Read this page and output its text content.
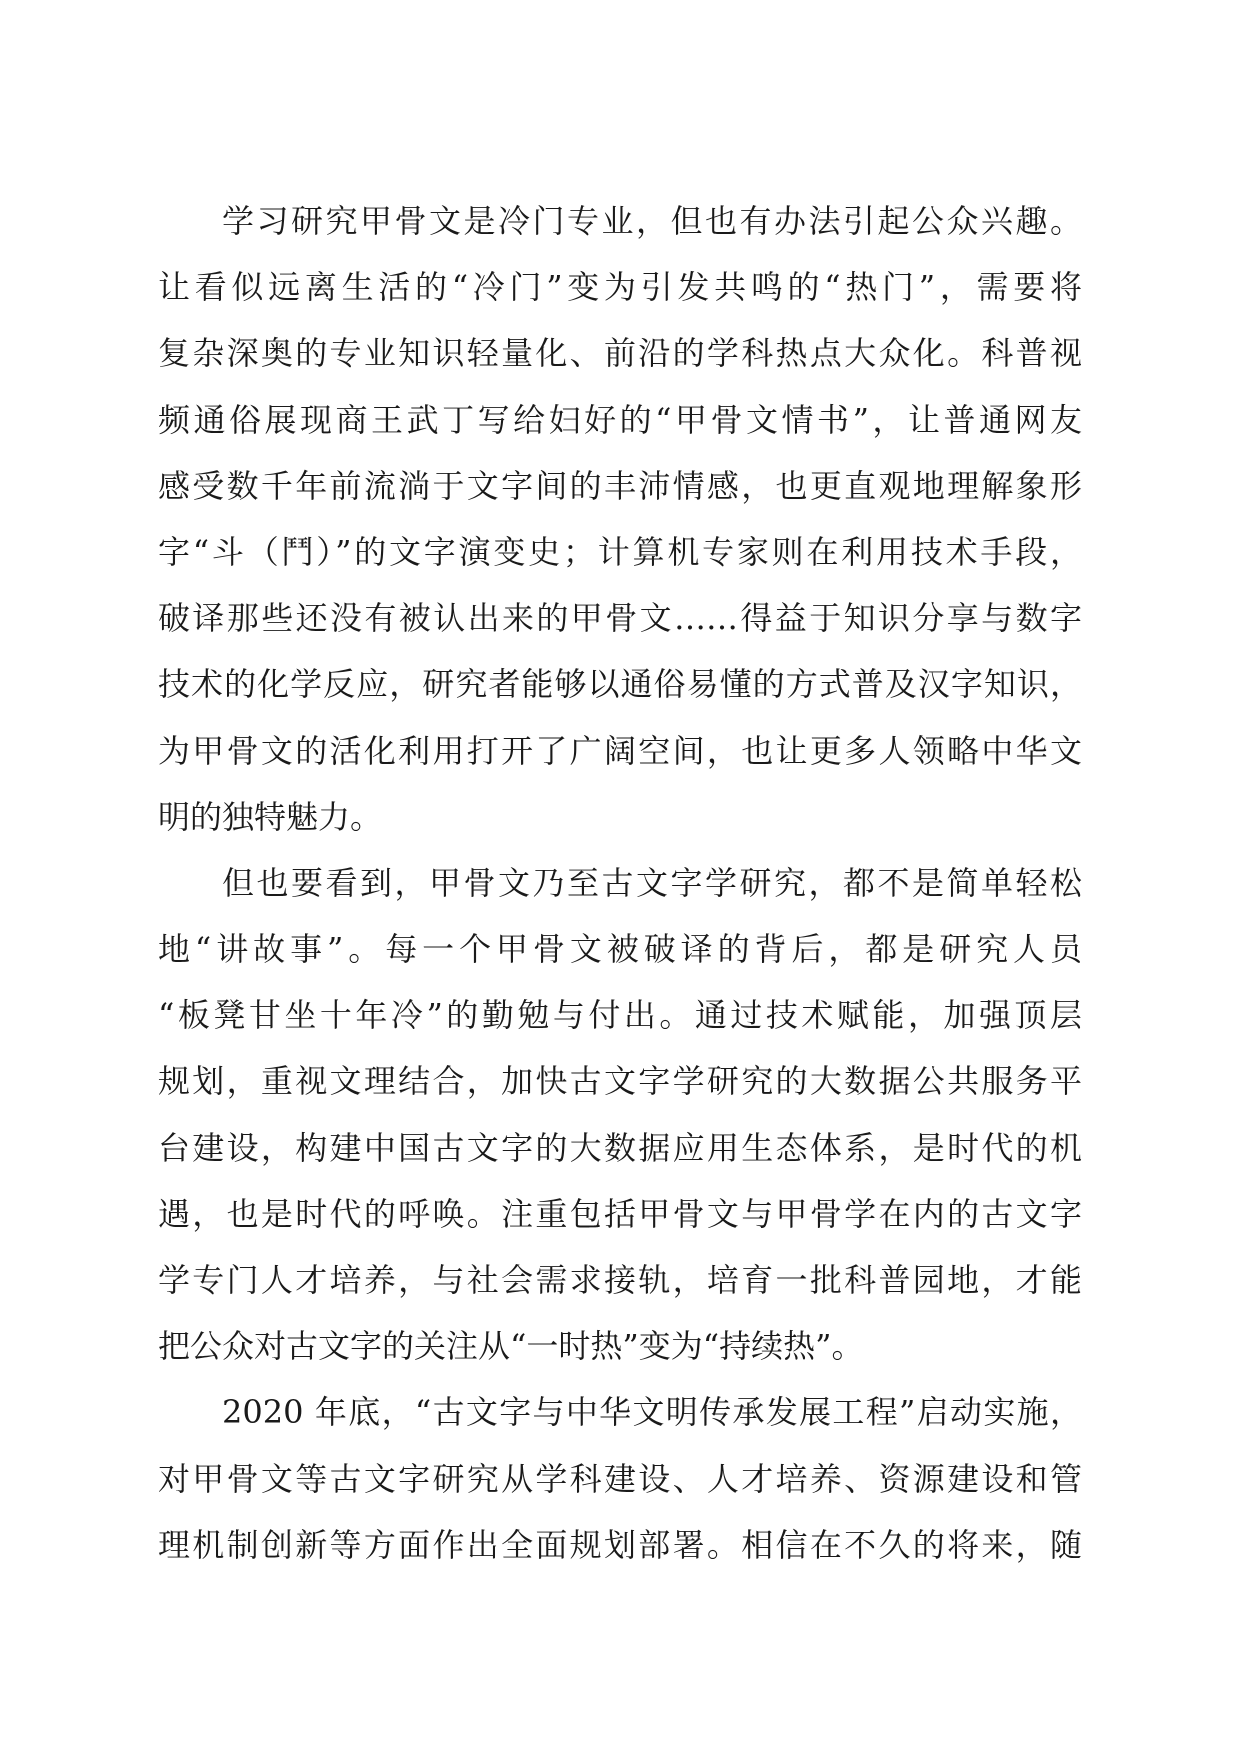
学习研究甲骨文是冷门专业，但也有办法引起公众兴趣。
让看似远离生活的“冷门”变为引发共鸣的“热门”，需要将
复杂深奥的专业知识轻量化、前沿的学科热点大众化。科普视
频通俗展现商王武丁写给妇好的“甲骨文情书”，让普通网友
感受数千年前流淌于文字间的丰沛情感，也更直观地理解象形
字“斗（鬥）”的文字演变史；计算机专家则在利用技术手段，
破译那些还没有被认出来的甲骨文……得益于知识分享与数字
技术的化学反应，研究者能够以通俗易懂的方式普及汉字知识，
为甲骨文的活化利用打开了广阔空间，也让更多人领略中华文
明的独特魅力。

但也要看到，甲骨文乃至古文字学研究，都不是简单轻松
地“讲故事”。每一个甲骨文被破译的背后，都是研究人员
“板凳甘坐十年冷”的勤勉与付出。通过技术赋能，加强顶层
规划，重视文理结合，加快古文字学研究的大数据公共服务平
台建设，构建中国古文字的大数据应用生态体系，是时代的机
遇，也是时代的呼唤。注重包括甲骨文与甲骨学在内的古文字
学专门人才培养，与社会需求接轨，培育一批科普园地，才能
把公众对古文字的关注从“一时热”变为“持续热”。

2020 年底，“古文字与中华文明传承发展工程”启动实施，
对甲骨文等古文字研究从学科建设、人才培养、资源建设和管
理机制创新等方面作出全面规划部署。相信在不久的将来，随
